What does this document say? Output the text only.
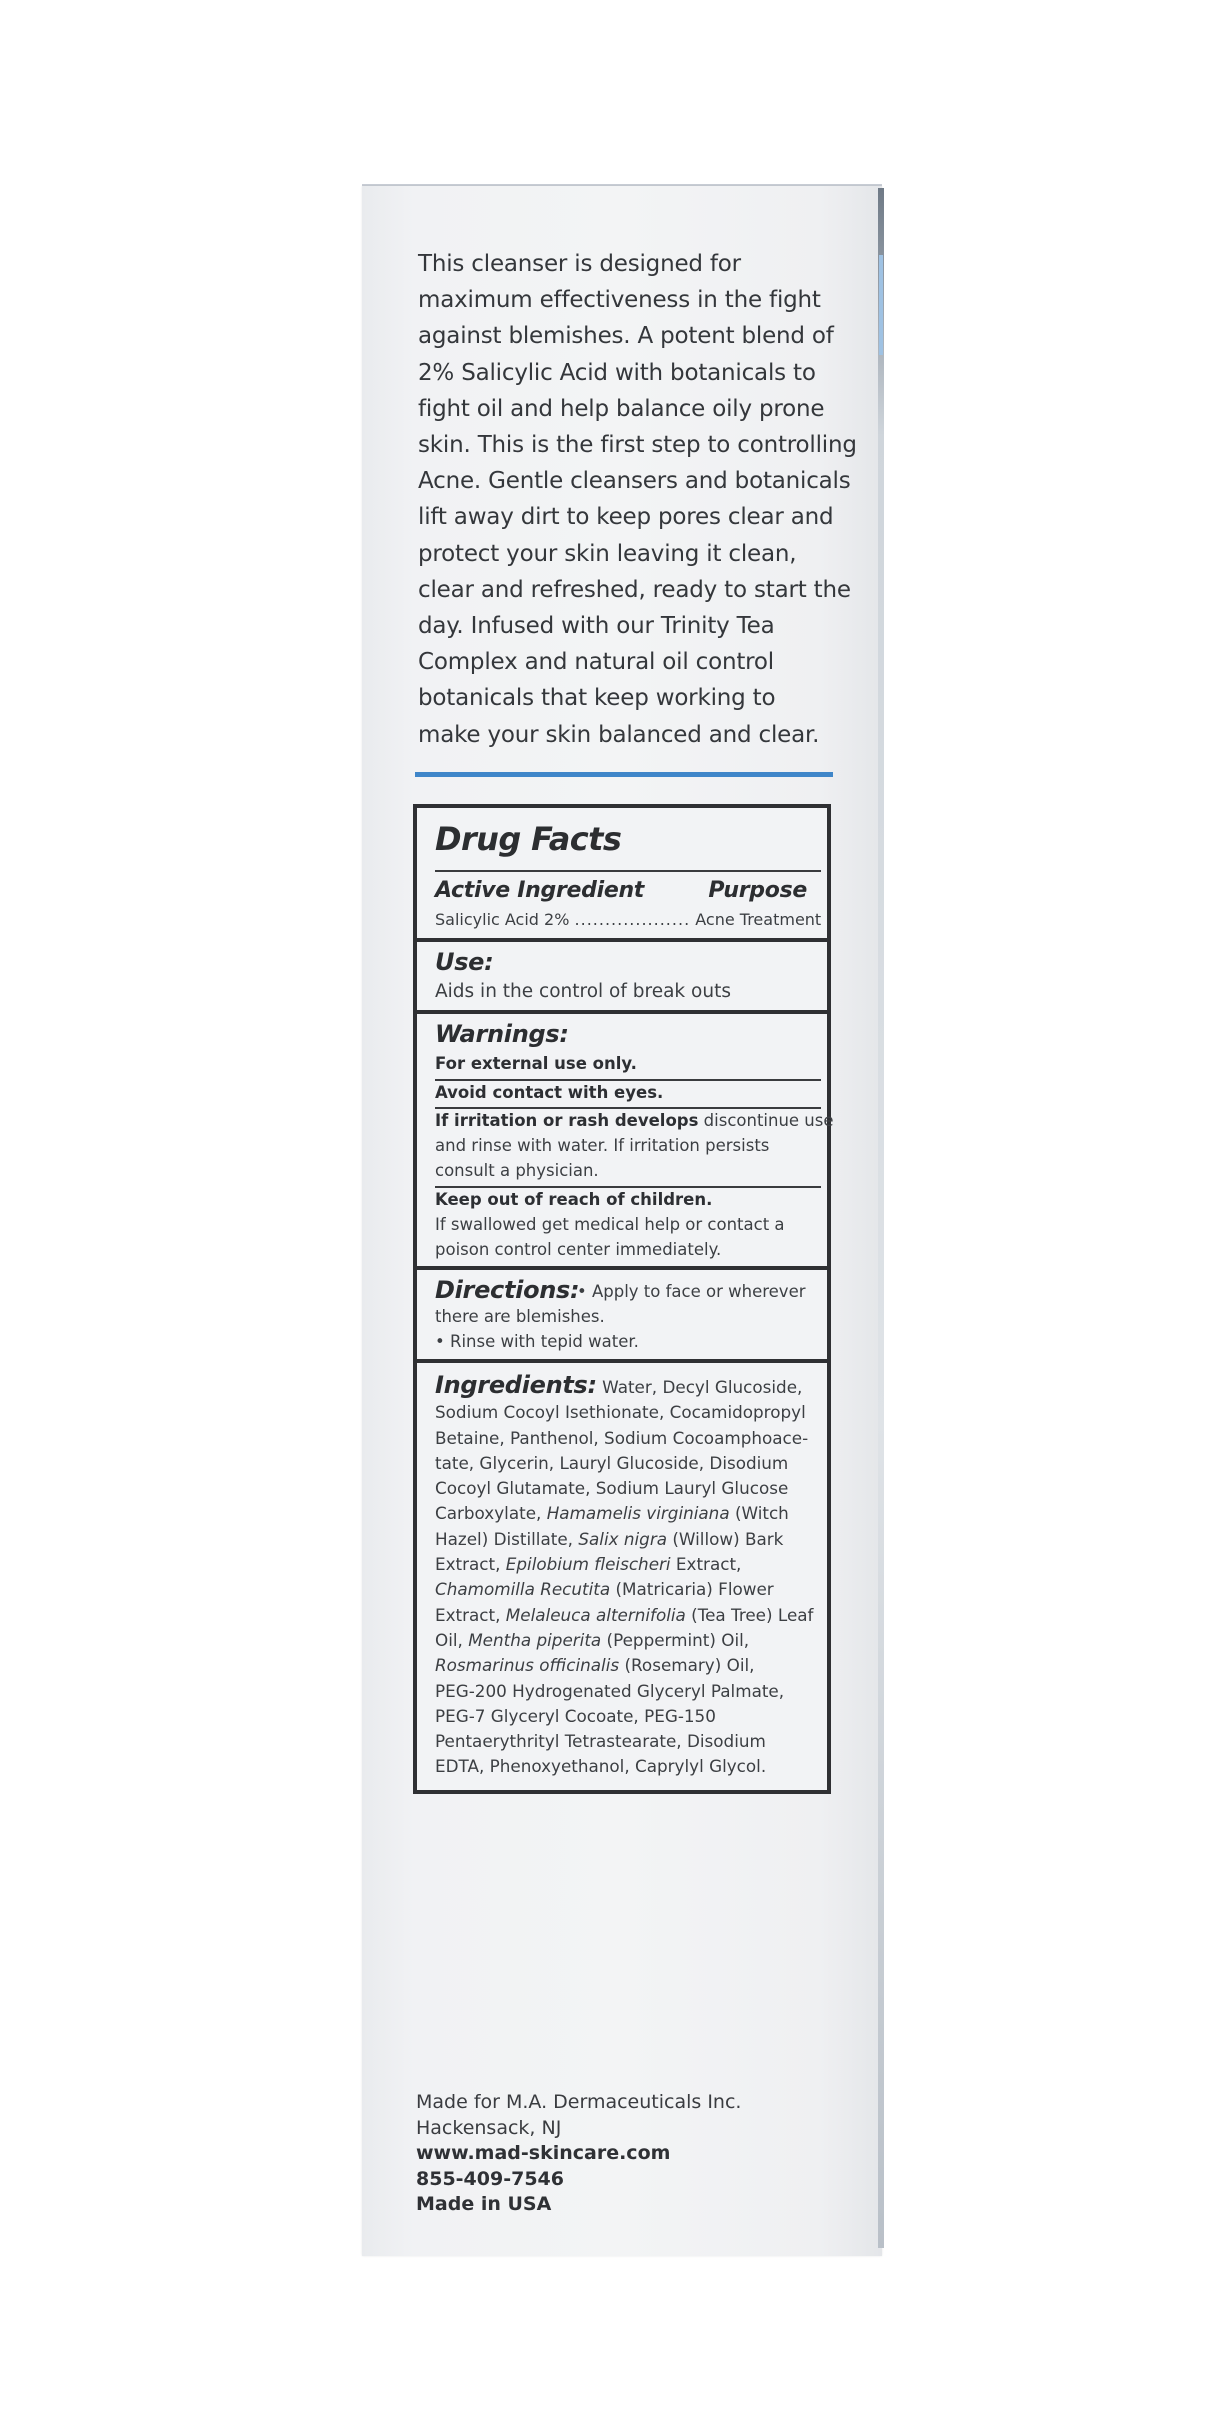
This cleanser is designed for
maximum effectiveness in the fight
against blemishes. A potent blend of
2% Salicylic Acid with botanicals to
fight oil and help balance oily prone
skin. This is the first step to controlling
Acne. Gentle cleansers and botanicals
lift away dirt to keep pores clear and
protect your skin leaving it clean,
clear and refreshed, ready to start the
day. Infused with our Trinity Tea
Complex and natural oil control
botanicals that keep working to
make your skin balanced and clear.
Drug Facts
Active Ingredient	Purpose
Salicylic Acid 2% ................... Acne Treatment
Use:
Aids in the control of break outs
Warnings:
For external use only.
Avoid contact with eyes.
If irritation or rash develops discontinue use
and rinse with water. If irritation persists
consult a physician.
Keep out of reach of children.
If swallowed get medical help or contact a
poison control center immediately.
Directions:
• Apply to face or wherever
there are blemishes.
• Rinse with tepid water.
Ingredients: Water, Decyl Glucoside,
Sodium Cocoyl Isethionate, Cocamidopropyl
Betaine, Panthenol, Sodium Cocoamphoace-
tate, Glycerin, Lauryl Glucoside, Disodium
Cocoyl Glutamate, Sodium Lauryl Glucose
Carboxylate, Hamamelis virginiana (Witch
Hazel) Distillate, Salix nigra (Willow) Bark
Extract, Epilobium fleischeri Extract,
Chamomilla Recutita (Matricaria) Flower
Extract, Melaleuca alternifolia (Tea Tree) Leaf
Oil, Mentha piperita (Peppermint) Oil,
Rosmarinus officinalis (Rosemary) Oil,
PEG-200 Hydrogenated Glyceryl Palmate,
PEG-7 Glyceryl Cocoate, PEG-150
Pentaerythrityl Tetrastearate, Disodium
EDTA, Phenoxyethanol, Caprylyl Glycol.
Made for M.A. Dermaceuticals Inc.
Hackensack, NJ
www.mad-skincare.com
855-409-7546
Made in USA
